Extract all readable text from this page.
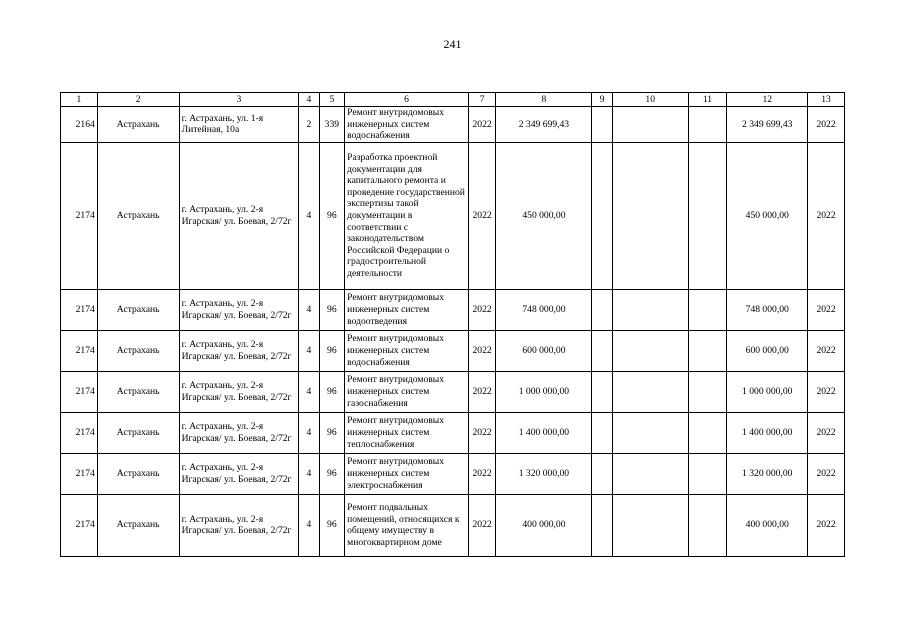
241
1	2	3	4	5	6	7	8	9	10	11	12	13
2164	Астрахань	г. Астрахань, ул. 1-я Литейная, 10а	2	339	Ремонт внутридомовых инженерных систем водоснабжения	2022	2 349 699,43				2 349 699,43	2022
2174	Астрахань	г. Астрахань, ул. 2-я Игарская/ ул. Боевая, 2/72г	4	96	Разработка проектной документации для капитального ремонта и проведение государственной экспертизы такой документации в соответствии с законодательством Российской Федерации о градостроительной деятельности	2022	450 000,00				450 000,00	2022
2174	Астрахань	г. Астрахань, ул. 2-я Игарская/ ул. Боевая, 2/72г	4	96	Ремонт внутридомовых инженерных систем водоотведения	2022	748 000,00				748 000,00	2022
2174	Астрахань	г. Астрахань, ул. 2-я Игарская/ ул. Боевая, 2/72г	4	96	Ремонт внутридомовых инженерных систем водоснабжения	2022	600 000,00				600 000,00	2022
2174	Астрахань	г. Астрахань, ул. 2-я Игарская/ ул. Боевая, 2/72г	4	96	Ремонт внутридомовых инженерных систем газоснабжения	2022	1 000 000,00				1 000 000,00	2022
2174	Астрахань	г. Астрахань, ул. 2-я Игарская/ ул. Боевая, 2/72г	4	96	Ремонт внутридомовых инженерных систем теплоснабжения	2022	1 400 000,00				1 400 000,00	2022
2174	Астрахань	г. Астрахань, ул. 2-я Игарская/ ул. Боевая, 2/72г	4	96	Ремонт внутридомовых инженерных систем электроснабжения	2022	1 320 000,00				1 320 000,00	2022
2174	Астрахань	г. Астрахань, ул. 2-я Игарская/ ул. Боевая, 2/72г	4	96	Ремонт подвальных помещений, относящихся к общему имуществу в многоквартирном доме	2022	400 000,00				400 000,00	2022
